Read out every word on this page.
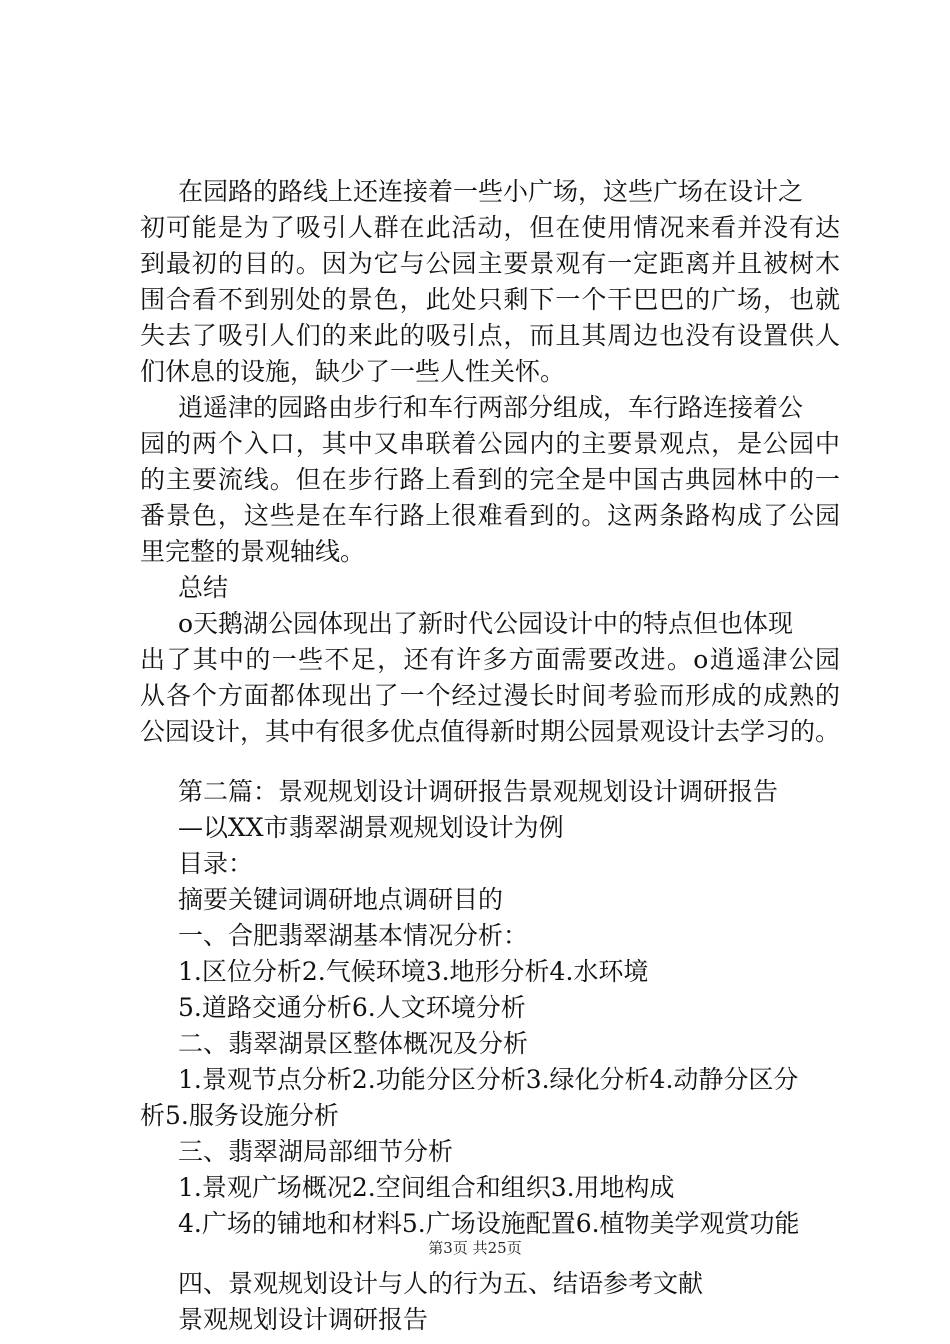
在园路的路线上还连接着一些小广场，这些广场在设计之
初可能是为了吸引人群在此活动，但在使用情况来看并没有达
到最初的目的。因为它与公园主要景观有一定距离并且被树木
围合看不到别处的景色，此处只剩下一个干巴巴的广场，也就
失去了吸引人们的来此的吸引点，而且其周边也没有设置供人
们休息的设施，缺少了一些人性关怀。
逍遥津的园路由步行和车行两部分组成，车行路连接着公
园的两个入口，其中又串联着公园内的主要景观点，是公园中
的主要流线。但在步行路上看到的完全是中国古典园林中的一
番景色，这些是在车行路上很难看到的。这两条路构成了公园
里完整的景观轴线。
总结
o天鹅湖公园体现出了新时代公园设计中的特点但也体现
出了其中的一些不足，还有许多方面需要改进。o逍遥津公园
从各个方面都体现出了一个经过漫长时间考验而形成的成熟的
公园设计，其中有很多优点值得新时期公园景观设计去学习的。
第二篇：景观规划设计调研报告景观规划设计调研报告
—以XX市翡翠湖景观规划设计为例
目录：
摘要关键词调研地点调研目的
一、合肥翡翠湖基本情况分析：
1.区位分析2.气候环境3.地形分析4.水环境
5.道路交通分析6.人文环境分析
二、翡翠湖景区整体概况及分析
1.景观节点分析2.功能分区分析3.绿化分析4.动静分区分
析5.服务设施分析
三、翡翠湖局部细节分析
1.景观广场概况2.空间组合和组织3.用地构成
4.广场的铺地和材料5.广场设施配置6.植物美学观赏功能
四、景观规划设计与人的行为五、结语参考文献
景观规划设计调研报告
第3页 共25页
